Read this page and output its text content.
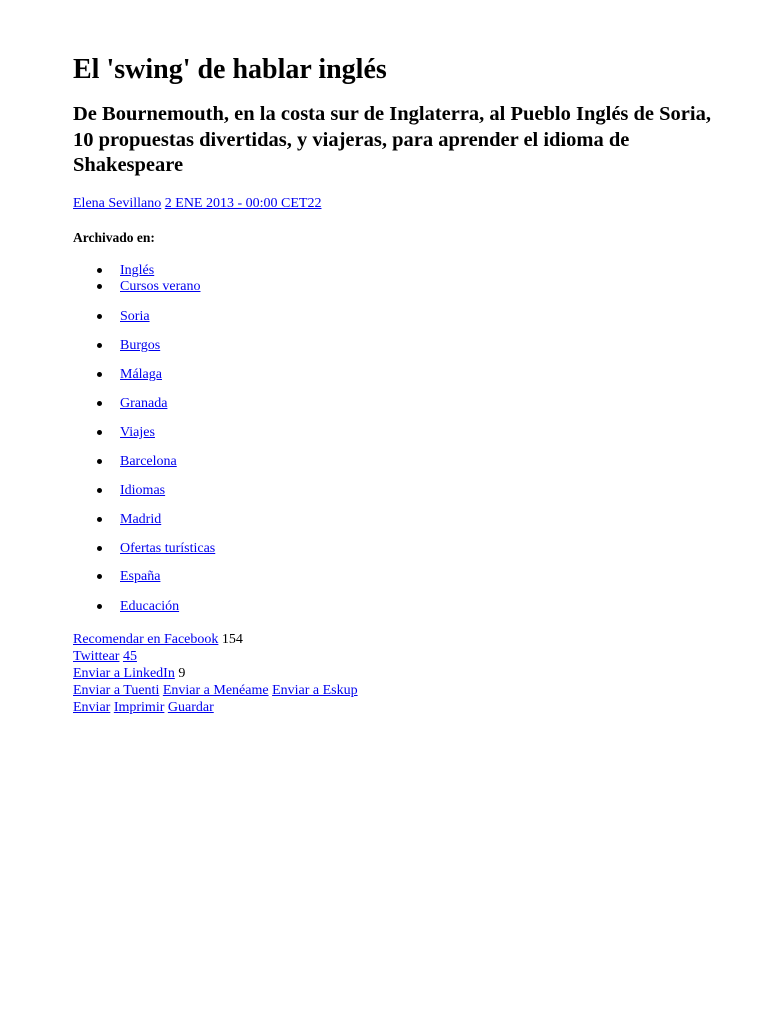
El 'swing' de hablar inglés
De Bournemouth, en la costa sur de Inglaterra, al Pueblo Inglés de Soria, 10 propuestas divertidas, y viajeras, para aprender el idioma de Shakespeare
Elena Sevillano 2 ENE 2013 - 00:00 CET22
Archivado en:
Inglés
Cursos verano
Soria
Burgos
Málaga
Granada
Viajes
Barcelona
Idiomas
Madrid
Ofertas turísticas
España
Educación
Recomendar en Facebook 154
Twittear 45
Enviar a LinkedIn 9
Enviar a Tuenti Enviar a Menéame Enviar a Eskup
Enviar Imprimir Guardar
